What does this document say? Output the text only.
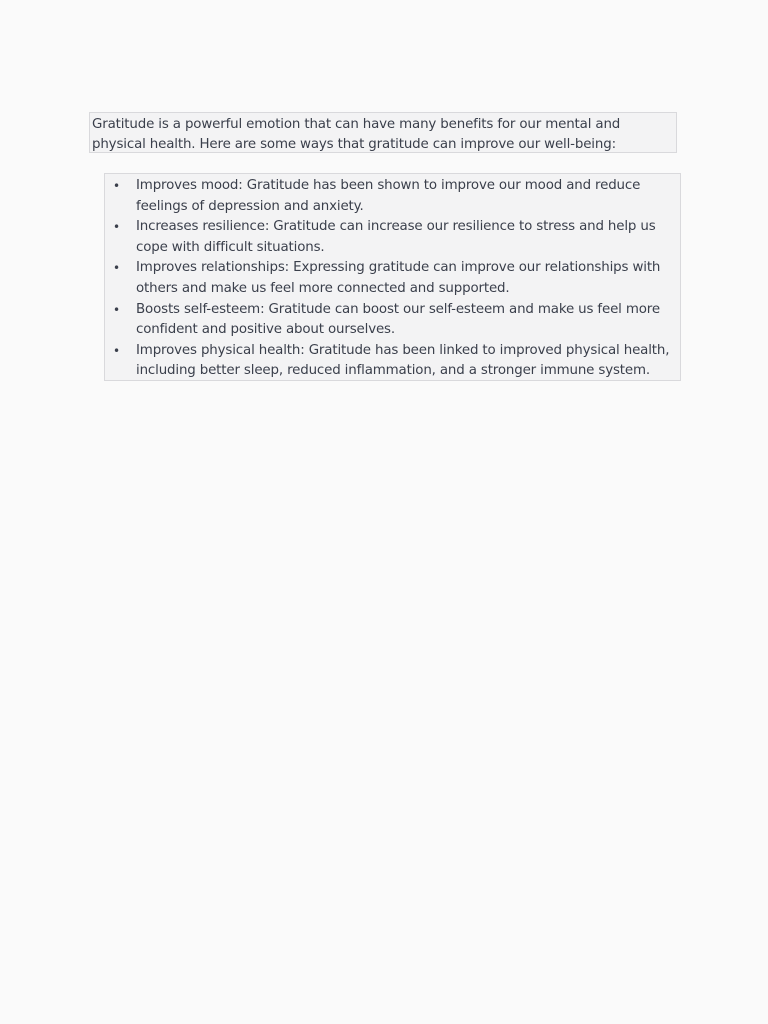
Gratitude is a powerful emotion that can have many benefits for our mental and
physical health. Here are some ways that gratitude can improve our well-being:
• Improves mood: Gratitude has been shown to improve our mood and reduce
feelings of depression and anxiety.
• Increases resilience: Gratitude can increase our resilience to stress and help us
cope with difficult situations.
• Improves relationships: Expressing gratitude can improve our relationships with
others and make us feel more connected and supported.
• Boosts self-esteem: Gratitude can boost our self-esteem and make us feel more
confident and positive about ourselves.
• Improves physical health: Gratitude has been linked to improved physical health,
including better sleep, reduced inflammation, and a stronger immune system.
